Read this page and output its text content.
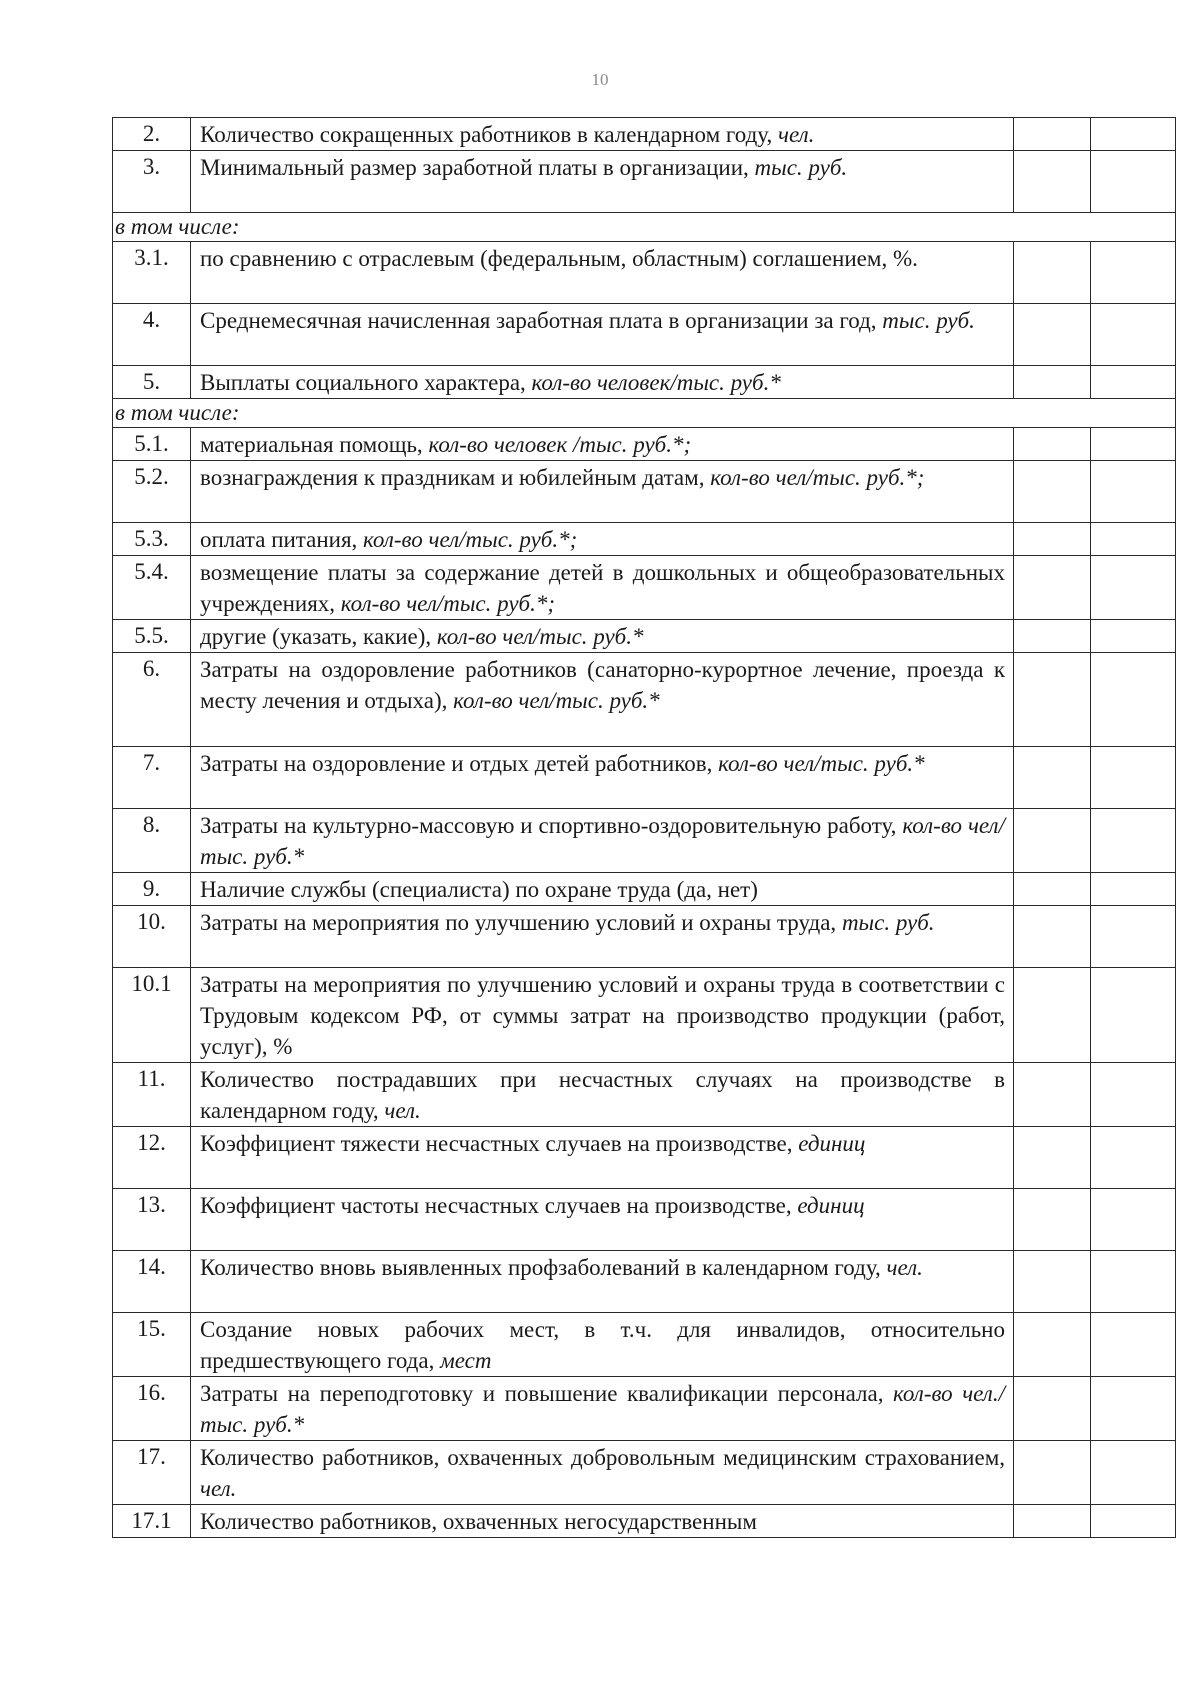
10
2.	Количество сокращенных работников в календарном году, чел.		
3.	Минимальный размер заработной платы в организации, тыс. руб.		
в том числе:			
3.1.	по сравнению с отраслевым (федеральным, областным) соглашением, %.		
4.	Среднемесячная начисленная заработная плата в организации за год, тыс. руб.		
5.	Выплаты социального характера, кол-во человек/тыс. руб.*		
в том числе:			
5.1.	материальная помощь, кол-во человек /тыс. руб.*;		
5.2.	вознаграждения к праздникам и юбилейным датам, кол-во чел/тыс. руб.*;		
5.3.	оплата питания, кол-во чел/тыс. руб.*;		
5.4.	возмещение платы за содержание детей в дошкольных и общеобразовательных учреждениях, кол-во чел/тыс. руб.*;		
5.5.	другие (указать, какие), кол-во чел/тыс. руб.*		
6.	Затраты на оздоровление работников (санаторно-курортное лечение, проезда к месту лечения и отдыха), кол-во чел/тыс. руб.*		
7.	Затраты на оздоровление и отдых детей работников, кол-во чел/тыс. руб.*		
8.	Затраты на культурно-массовую и спортивно-оздоровительную работу, кол-во чел/тыс. руб.*		
9.	Наличие службы (специалиста) по охране труда (да, нет)		
10.	Затраты на мероприятия по улучшению условий и охраны труда, тыс. руб.		
10.1	Затраты на мероприятия по улучшению условий и охраны труда в соответствии с Трудовым кодексом РФ, от суммы затрат на производство продукции (работ, услуг), %		
11.	Количество пострадавших при несчастных случаях на производстве в календарном году, чел.		
12.	Коэффициент тяжести несчастных случаев на производстве, единиц		
13.	Коэффициент частоты несчастных случаев на производстве, единиц		
14.	Количество вновь выявленных профзаболеваний в календарном году, чел.		
15.	Создание новых рабочих мест, в т.ч. для инвалидов, относительно предшествующего года, мест		
16.	Затраты на переподготовку и повышение квалификации персонала, кол-во чел./тыс. руб.*		
17.	Количество работников, охваченных добровольным медицинским страхованием, чел.		
17.1	Количество работников, охваченных негосударственным		
